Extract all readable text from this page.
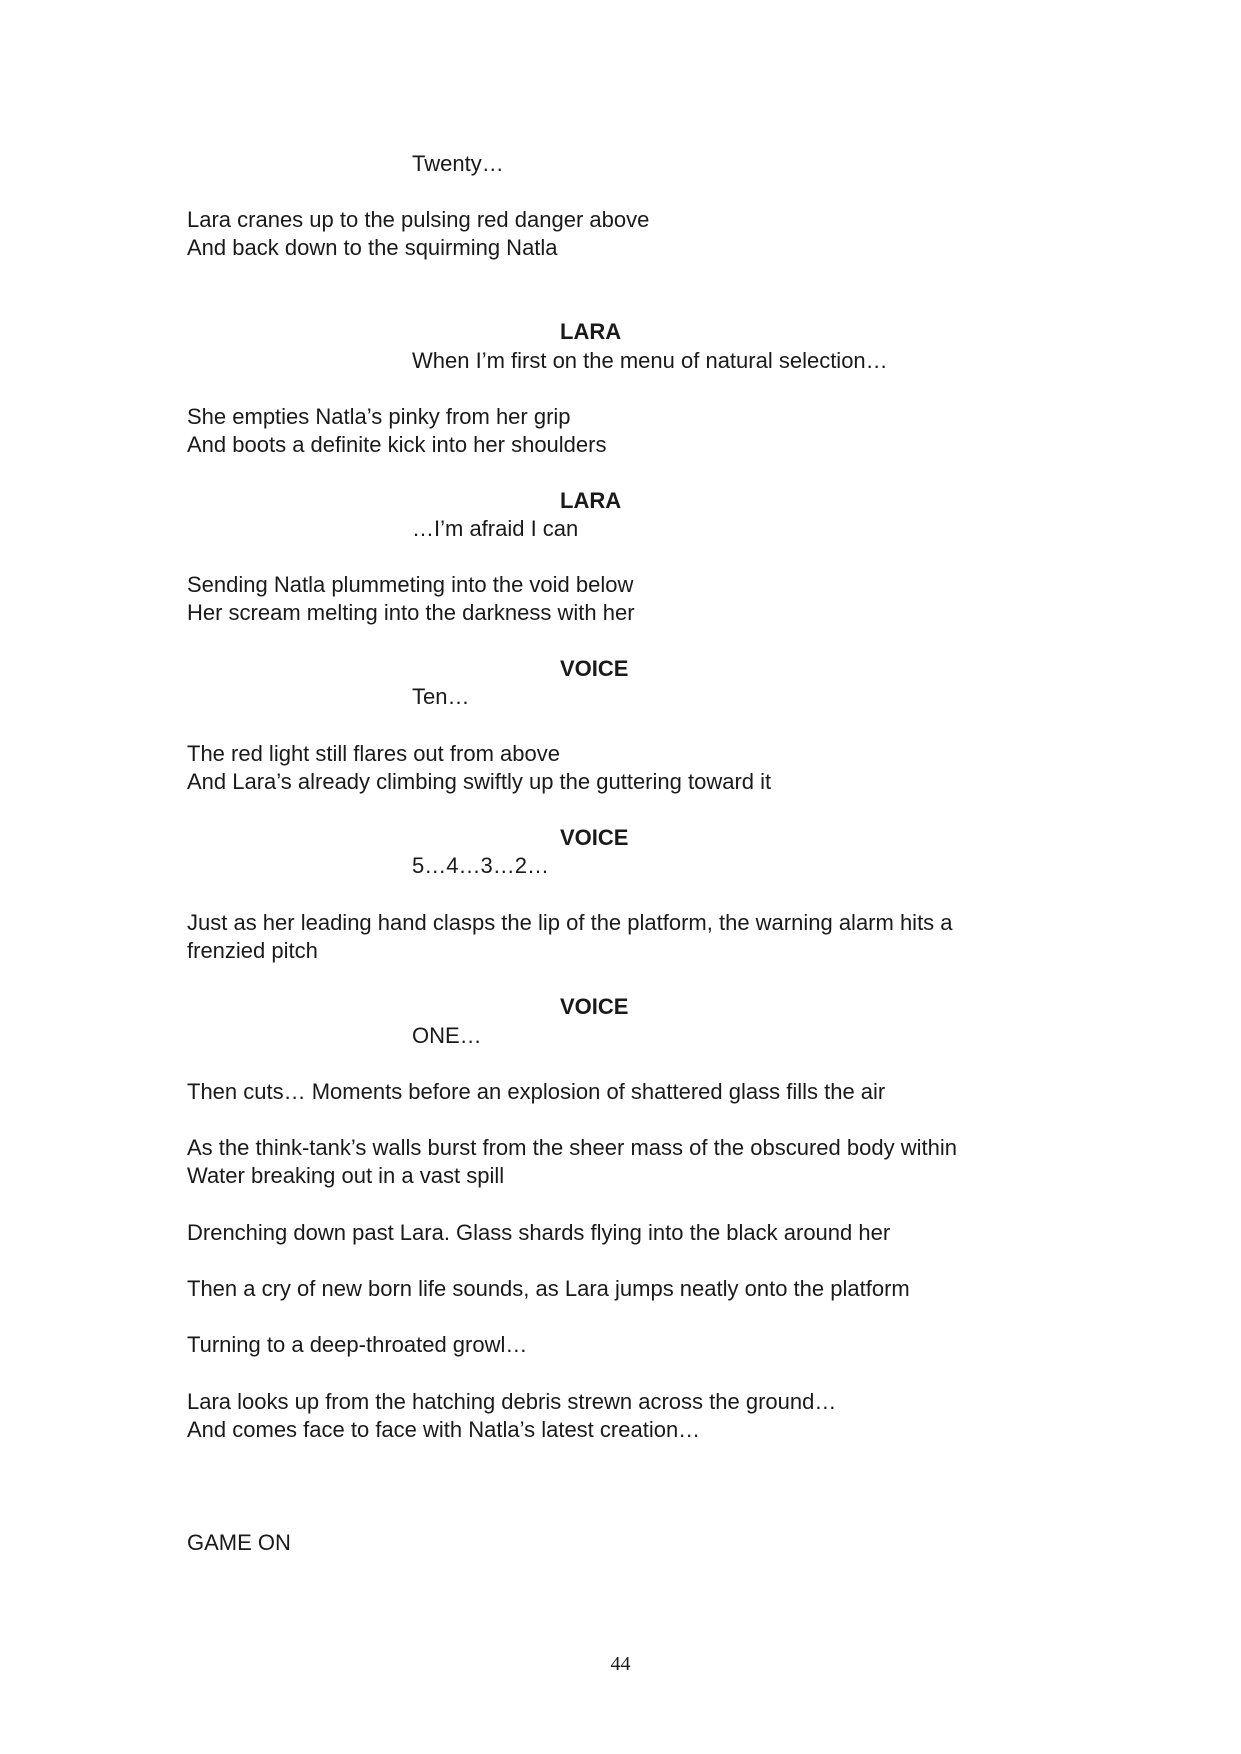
Twenty…
Lara cranes up to the pulsing red danger above
And back down to the squirming Natla
LARA
When I’m first on the menu of natural selection…
She empties Natla’s pinky from her grip
And boots a definite kick into her shoulders
LARA
…I’m afraid I can
Sending Natla plummeting into the void below
Her scream melting into the darkness with her
VOICE
Ten…
The red light still flares out from above
And Lara’s already climbing swiftly up the guttering toward it
VOICE
5…4…3…2…
Just as her leading hand clasps the lip of the platform, the warning alarm hits a
frenzied pitch
VOICE
ONE…
Then cuts… Moments before an explosion of shattered glass fills the air
As the think-tank’s walls burst from the sheer mass of the obscured body within
Water breaking out in a vast spill
Drenching down past Lara. Glass shards flying into the black around her
Then a cry of new born life sounds, as Lara jumps neatly onto the platform
Turning to a deep-throated growl…
Lara looks up from the hatching debris strewn across the ground…
And comes face to face with Natla’s latest creation…
GAME ON
44
